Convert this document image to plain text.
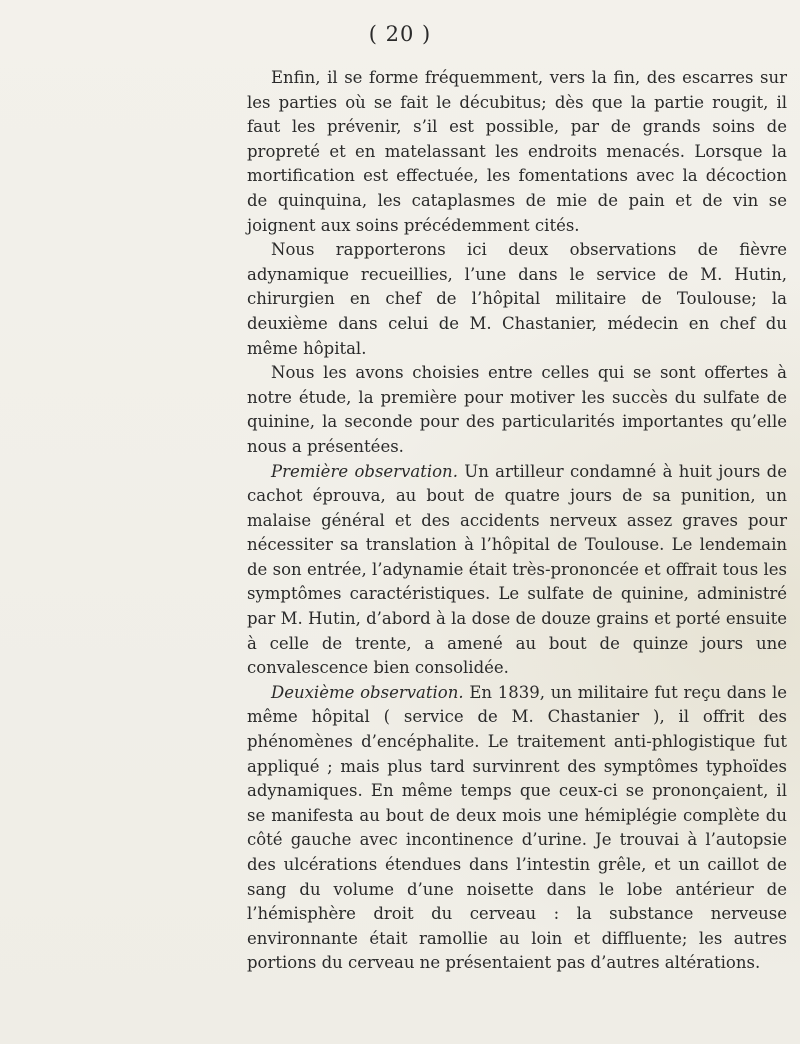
( 20 )

Enfin, il se forme fréquemment, vers la fin, des escarres sur les parties où se fait le décubitus; dès que la partie rougit, il faut les prévenir, s’il est possible, par de grands soins de propreté et en matelassant les endroits menacés. Lorsque la mortification est effectuée, les fomentations avec la décoction de quinquina, les cataplasmes de mie de pain et de vin se joignent aux soins précédemment cités.

Nous rapporterons ici deux observations de fièvre adynamique recueillies, l’une dans le service de M. Hutin, chirurgien en chef de l’hôpital militaire de Toulouse; la deuxième dans celui de M. Chastanier, médecin en chef du même hôpital.

Nous les avons choisies entre celles qui se sont offertes à notre étude, la première pour motiver les succès du sulfate de quinine, la seconde pour des particularités importantes qu’elle nous a présentées.

Première observation. Un artilleur condamné à huit jours de cachot éprouva, au bout de quatre jours de sa punition, un malaise général et des accidents nerveux assez graves pour nécessiter sa translation à l’hôpital de Toulouse. Le lendemain de son entrée, l’adynamie était très-prononcée et offrait tous les symptômes caractéristiques. Le sulfate de quinine, administré par M. Hutin, d’abord à la dose de douze grains et porté ensuite à celle de trente, a amené au bout de quinze jours une convalescence bien consolidée.

Deuxième observation. En 1839, un militaire fut reçu dans le même hôpital ( service de M. Chastanier ), il offrit des phénomènes d’encéphalite. Le traitement anti-phlogistique fut appliqué ; mais plus tard survinrent des symptômes typhoïdes adynamiques. En même temps que ceux-ci se prononçaient, il se manifesta au bout de deux mois une hémiplégie complète du côté gauche avec incontinence d’urine. Je trouvai à l’autopsie des ulcérations étendues dans l’intestin grêle, et un caillot de sang du volume d’une noisette dans le lobe antérieur de l’hémisphère droit du cerveau : la substance nerveuse environnante était ramollie au loin et diffluente; les autres portions du cerveau ne présentaient pas d’autres altérations.
